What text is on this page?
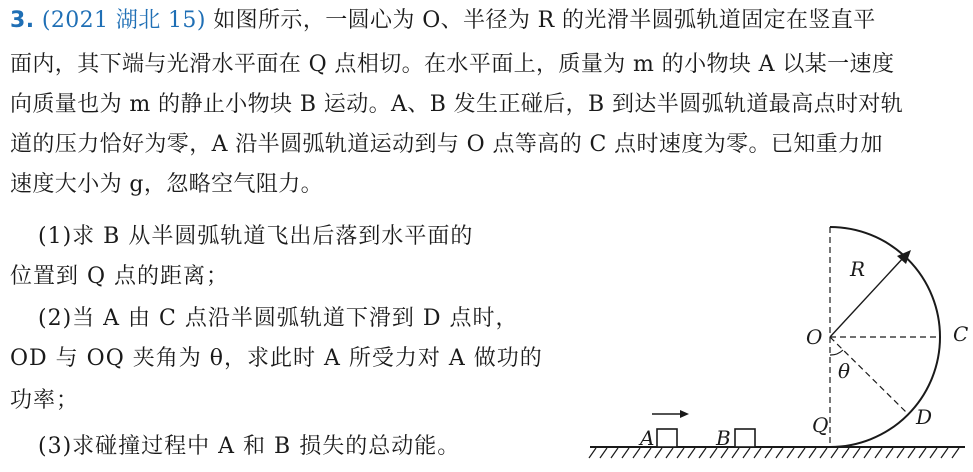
3. (2021 湖北 15) 如图所示，一圆心为 O、半径为 R 的光滑半圆弧轨道固定在竖直平
面内，其下端与光滑水平面在 Q 点相切。在水平面上，质量为 m 的小物块 A 以某一速度
向质量也为 m 的静止小物块 B 运动。A、B 发生正碰后，B 到达半圆弧轨道最高点时对轨
道的压力恰好为零，A 沿半圆弧轨道运动到与 O 点等高的 C 点时速度为零。已知重力加
速度大小为 g，忽略空气阻力。
(1)求 B 从半圆弧轨道飞出后落到水平面的
位置到 Q 点的距离；
(2)当 A 由 C 点沿半圆弧轨道下滑到 D 点时，
OD 与 OQ 夹角为 θ，求此时 A 所受力对 A 做功的
功率；
(3)求碰撞过程中 A 和 B 损失的总动能。
R
O	C
θ
D
Q
A	B
